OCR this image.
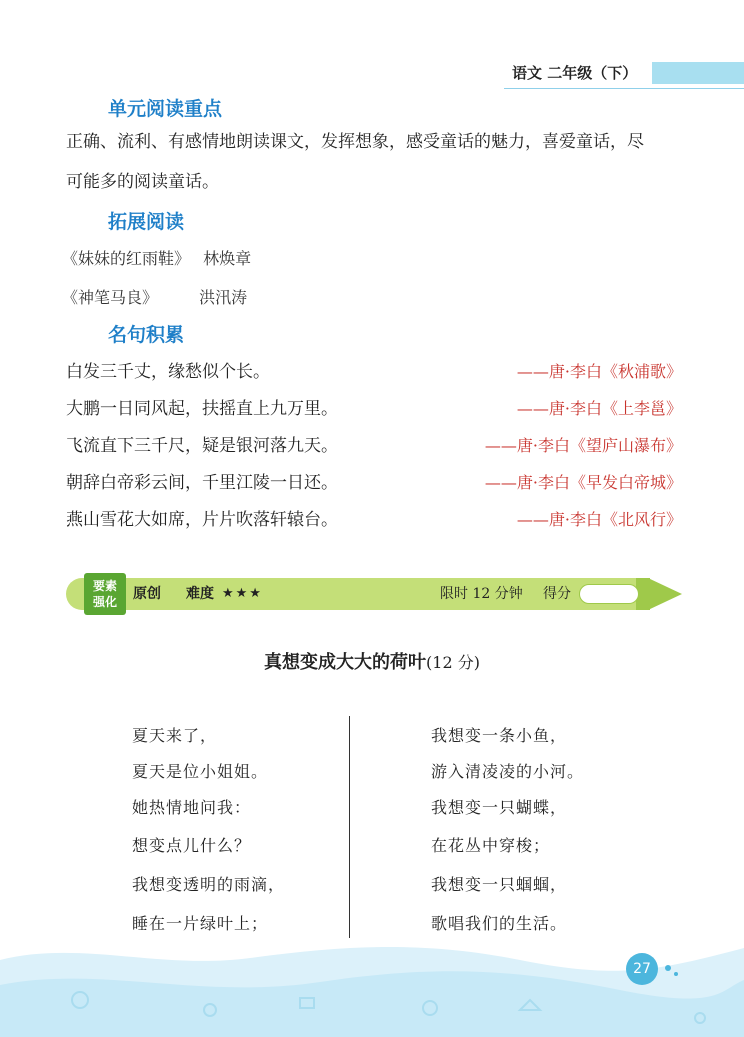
语文 二年级（下）
单元阅读重点
正确、流利、有感情地朗读课文，发挥想象，感受童话的魅力，喜爱童话，尽
可能多的阅读童话。
拓展阅读
《妹妹的红雨鞋》 林焕章
《神笔马良》	洪汛涛
名句积累
白发三千丈，缘愁似个长。	——唐·李白《秋浦歌》
大鹏一日同风起，扶摇直上九万里。	——唐·李白《上李邕》
飞流直下三千尺，疑是银河落九天。	——唐·李白《望庐山瀑布》
朝辞白帝彩云间，千里江陵一日还。	——唐·李白《早发白帝城》
燕山雪花大如席，片片吹落轩辕台。	——唐·李白《北风行》
要素
强化	原创 难度 ★★★	限时 12 分钟 得分
真想变成大大的荷叶(12 分)
夏天来了，
夏天是位小姐姐。
她热情地问我：
想变点儿什么？
我想变透明的雨滴，
睡在一片绿叶上；
我想变一条小鱼，
游入清凌凌的小河。
我想变一只蝴蝶，
在花丛中穿梭；
我想变一只蝈蝈，
歌唱我们的生活。
27
